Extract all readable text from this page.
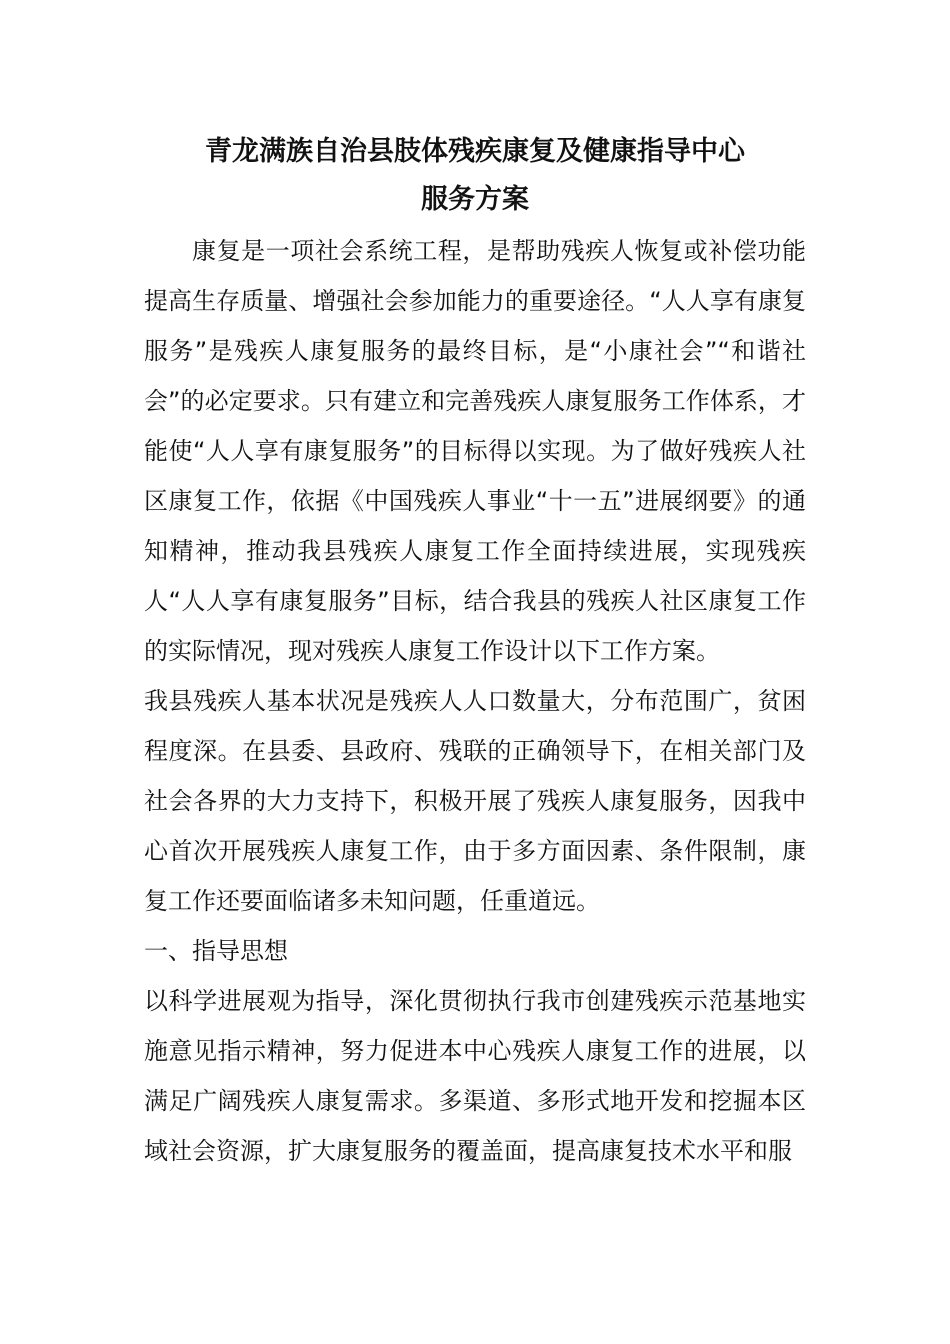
青龙满族自治县肢体残疾康复及健康指导中心
服务方案

康复是一项社会系统工程，是帮助残疾人恢复或补偿功能提高生存质量、增强社会参加能力的重要途径。“人人享有康复服务”是残疾人康复服务的最终目标，是“小康社会”“和谐社会”的必定要求。只有建立和完善残疾人康复服务工作体系，才能使“人人享有康复服务”的目标得以实现。为了做好残疾人社区康复工作，依据《中国残疾人事业“十一五”进展纲要》的通知精神，推动我县残疾人康复工作全面持续进展，实现残疾人“人人享有康复服务”目标，结合我县的残疾人社区康复工作的实际情况，现对残疾人康复工作设计以下工作方案。

我县残疾人基本状况是残疾人人口数量大，分布范围广，贫困程度深。在县委、县政府、残联的正确领导下，在相关部门及社会各界的大力支持下，积极开展了残疾人康复服务，因我中心首次开展残疾人康复工作，由于多方面因素、条件限制，康复工作还要面临诸多未知问题，任重道远。

一、指导思想

以科学进展观为指导，深化贯彻执行我市创建残疾示范基地实施意见指示精神，努力促进本中心残疾人康复工作的进展，以满足广阔残疾人康复需求。多渠道、多形式地开发和挖掘本区域社会资源，扩大康复服务的覆盖面，提高康复技术水平和服
